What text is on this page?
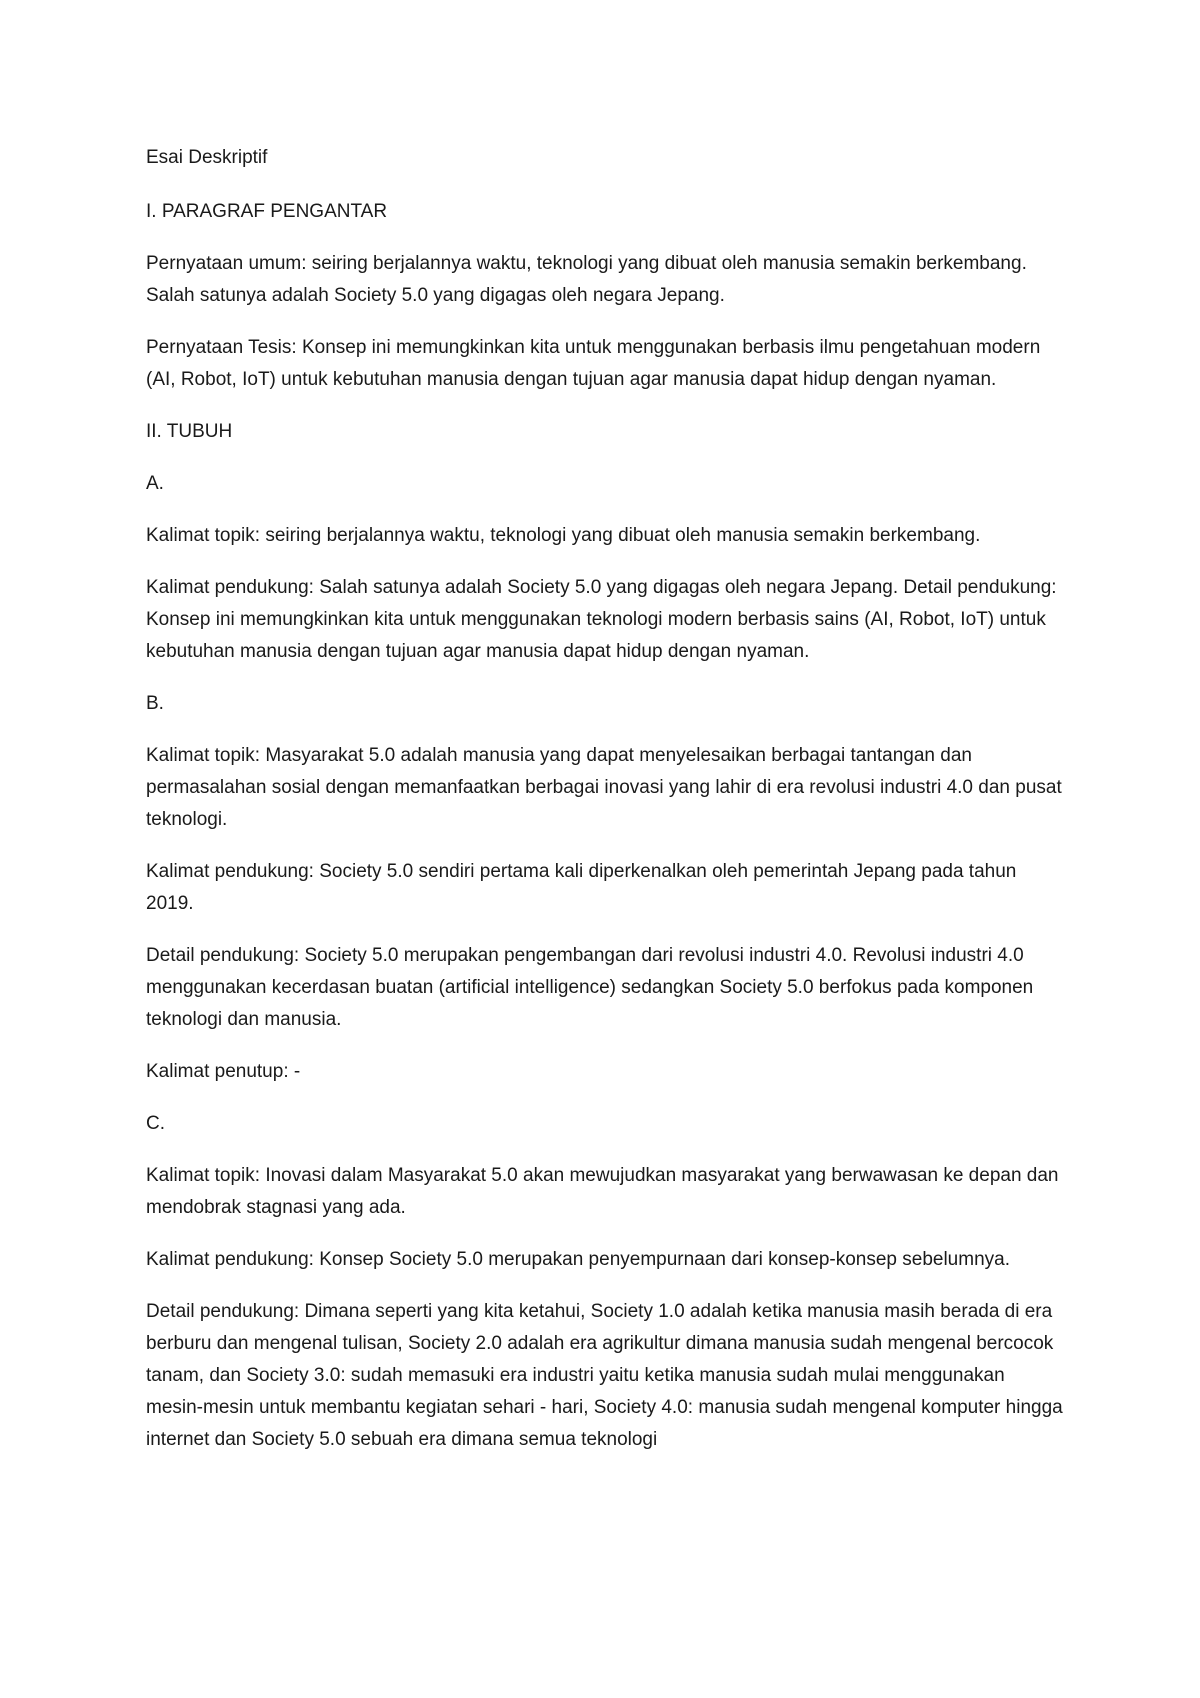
Esai Deskriptif

I. PARAGRAF PENGANTAR

Pernyataan umum: seiring berjalannya waktu, teknologi yang dibuat oleh manusia semakin berkembang. Salah satunya adalah Society 5.0 yang digagas oleh negara Jepang.

Pernyataan Tesis: Konsep ini memungkinkan kita untuk menggunakan berbasis ilmu pengetahuan modern (AI, Robot, IoT) untuk kebutuhan manusia dengan tujuan agar manusia dapat hidup dengan nyaman.

II. TUBUH

A.

Kalimat topik: seiring berjalannya waktu, teknologi yang dibuat oleh manusia semakin berkembang.

Kalimat pendukung: Salah satunya adalah Society 5.0 yang digagas oleh negara Jepang. Detail pendukung: Konsep ini memungkinkan kita untuk menggunakan teknologi modern berbasis sains (AI, Robot, IoT) untuk kebutuhan manusia dengan tujuan agar manusia dapat hidup dengan nyaman.

B.

Kalimat topik: Masyarakat 5.0 adalah manusia yang dapat menyelesaikan berbagai tantangan dan permasalahan sosial dengan memanfaatkan berbagai inovasi yang lahir di era revolusi industri 4.0 dan pusat teknologi.

Kalimat pendukung: Society 5.0 sendiri pertama kali diperkenalkan oleh pemerintah Jepang pada tahun 2019.

Detail pendukung: Society 5.0 merupakan pengembangan dari revolusi industri 4.0. Revolusi industri 4.0 menggunakan kecerdasan buatan (artificial intelligence) sedangkan Society 5.0 berfokus pada komponen teknologi dan manusia.

Kalimat penutup: -

C.

Kalimat topik: Inovasi dalam Masyarakat 5.0 akan mewujudkan masyarakat yang berwawasan ke depan dan mendobrak stagnasi yang ada.

Kalimat pendukung: Konsep Society 5.0 merupakan penyempurnaan dari konsep-konsep sebelumnya.

Detail pendukung: Dimana seperti yang kita ketahui, Society 1.0 adalah ketika manusia masih berada di era berburu dan mengenal tulisan, Society 2.0 adalah era agrikultur dimana manusia sudah mengenal bercocok tanam, dan Society 3.0: sudah memasuki era industri yaitu ketika manusia sudah mulai menggunakan mesin-mesin untuk membantu kegiatan sehari - hari, Society 4.0: manusia sudah mengenal komputer hingga internet dan Society 5.0 sebuah era dimana semua teknologi
